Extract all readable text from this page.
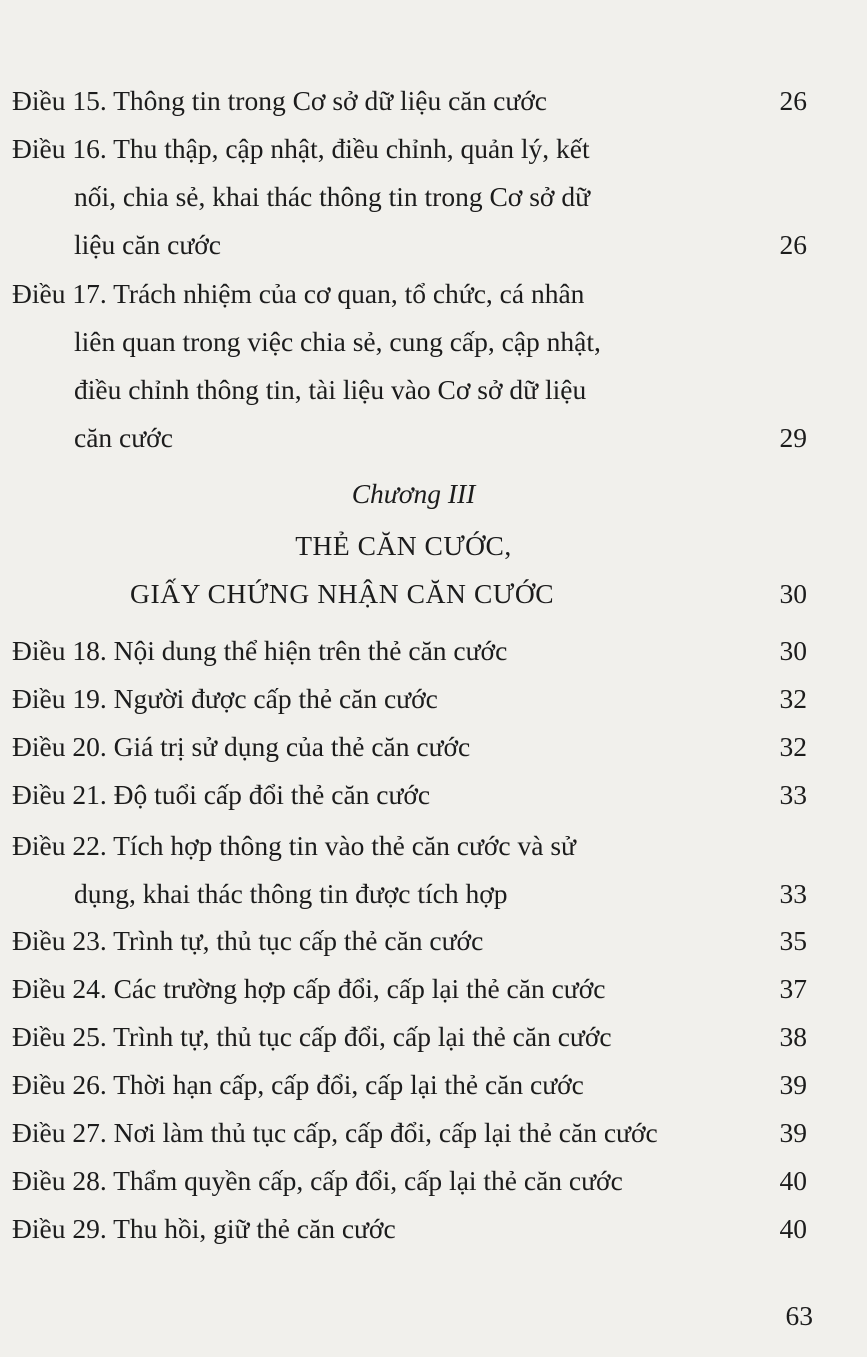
Điều 15. Thông tin trong Cơ sở dữ liệu căn cước	26
Điều 16. Thu thập, cập nhật, điều chỉnh, quản lý, kết
nối, chia sẻ, khai thác thông tin trong Cơ sở dữ
liệu căn cước	26
Điều 17. Trách nhiệm của cơ quan, tổ chức, cá nhân
liên quan trong việc chia sẻ, cung cấp, cập nhật,
điều chỉnh thông tin, tài liệu vào Cơ sở dữ liệu
căn cước	29
Chương III
THẺ CĂN CƯỚC,
GIẤY CHỨNG NHẬN CĂN CƯỚC	30
Điều 18. Nội dung thể hiện trên thẻ căn cước	30
Điều 19. Người được cấp thẻ căn cước	32
Điều 20. Giá trị sử dụng của thẻ căn cước	32
Điều 21. Độ tuổi cấp đổi thẻ căn cước	33
Điều 22. Tích hợp thông tin vào thẻ căn cước và sử
dụng, khai thác thông tin được tích hợp	33
Điều 23. Trình tự, thủ tục cấp thẻ căn cước	35
Điều 24. Các trường hợp cấp đổi, cấp lại thẻ căn cước	37
Điều 25. Trình tự, thủ tục cấp đổi, cấp lại thẻ căn cước	38
Điều 26. Thời hạn cấp, cấp đổi, cấp lại thẻ căn cước	39
Điều 27. Nơi làm thủ tục cấp, cấp đổi, cấp lại thẻ căn cước	39
Điều 28. Thẩm quyền cấp, cấp đổi, cấp lại thẻ căn cước	40
Điều 29. Thu hồi, giữ thẻ căn cước	40
63
